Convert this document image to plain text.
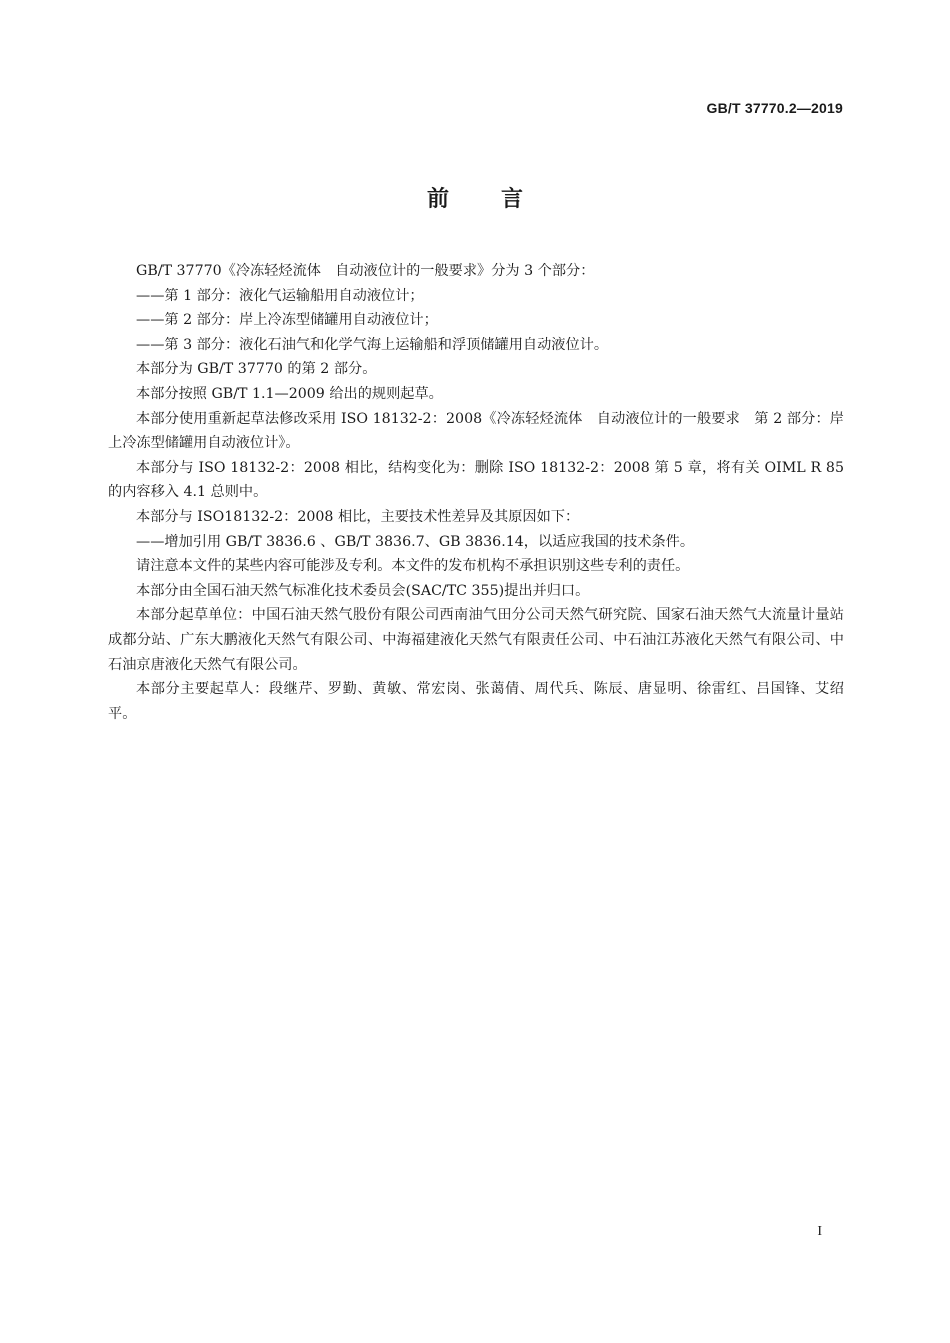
GB/T 37770.2—2019
前 言

GB/T 37770《冷冻轻烃流体　自动液位计的一般要求》分为 3 个部分：

——第 1 部分：液化气运输船用自动液位计；

——第 2 部分：岸上冷冻型储罐用自动液位计；

——第 3 部分：液化石油气和化学气海上运输船和浮顶储罐用自动液位计。

本部分为 GB/T 37770 的第 2 部分。

本部分按照 GB/T 1.1—2009 给出的规则起草。

本部分使用重新起草法修改采用 ISO 18132-2：2008《冷冻轻烃流体　自动液位计的一般要求　第 2 部分：岸上冷冻型储罐用自动液位计》。

本部分与 ISO 18132-2：2008 相比，结构变化为：删除 ISO 18132-2：2008 第 5 章，将有关 OIML R 85 的内容移入 4.1 总则中。

本部分与 ISO18132-2：2008 相比，主要技术性差异及其原因如下：

——增加引用 GB/T 3836.6 、GB/T 3836.7、GB 3836.14，以适应我国的技术条件。

请注意本文件的某些内容可能涉及专利。本文件的发布机构不承担识别这些专利的责任。

本部分由全国石油天然气标准化技术委员会(SAC/TC 355)提出并归口。

本部分起草单位：中国石油天然气股份有限公司西南油气田分公司天然气研究院、国家石油天然气大流量计量站成都分站、广东大鹏液化天然气有限公司、中海福建液化天然气有限责任公司、中石油江苏液化天然气有限公司、中石油京唐液化天然气有限公司。

本部分主要起草人：段继芹、罗勤、黄敏、常宏岗、张蔼倩、周代兵、陈辰、唐显明、徐雷红、吕国锋、艾绍平。

I
